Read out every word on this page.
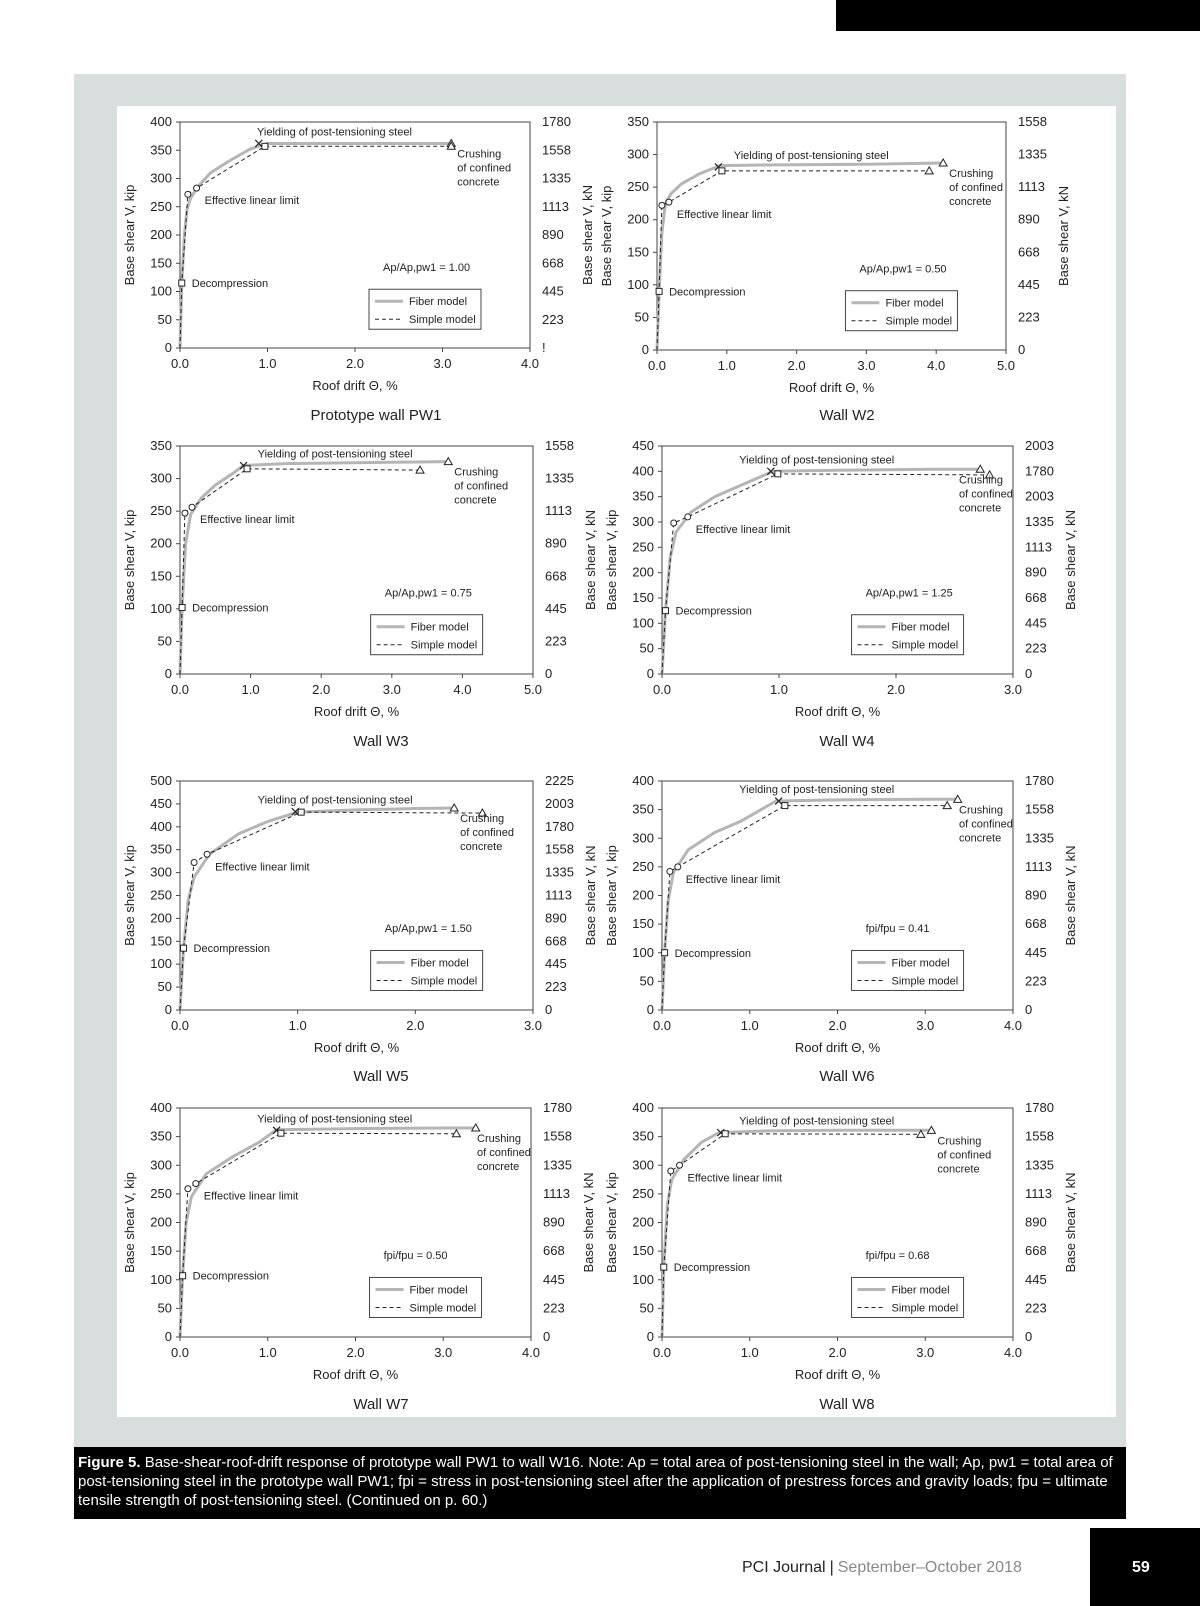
0
50
100
150
200
250
300
350
400
!
223
445
668
890
1113
1335
1558
1780
0.0	1.0	2.0	3.0	4.0
Roof drift Θ, %
Base shear V, kip	Base shear V, kN
Yielding of post-tensioning steel
Crushing
of confined
concrete
Effective linear limit
Decompression
Ap/Ap,pw1 = 1.00
Fiber model
Simple model
0
50
100
150
200
250
300
350
0
223
445
668
890
1113
1335
1558
0.0	1.0	2.0	3.0	4.0	5.0
Roof drift Θ, %
Base shear V, kip	Base shear V, kN
Yielding of post-tensioning steel
Crushing
of confined
concrete
Effective linear limit
Decompression
Ap/Ap,pw1 = 0.50
Fiber model
Simple model
0
50
100
150
200
250
300
350
0
223
445
668
890
1113
1335
1558
0.0	1.0	2.0	3.0	4.0	5.0
Roof drift Θ, %
Base shear V, kip	Base shear V, kN
Yielding of post-tensioning steel
Crushing
of confined
concrete
Effective linear limit
Decompression
Ap/Ap,pw1 = 0.75
Fiber model
Simple model
0
50
100
150
200
250
300
350
400
450
0
223
445
668
890
1113
1335
2003
1780
2003
0.0	1.0	2.0	3.0
Roof drift Θ, %
Base shear V, kip	Base shear V, kN
Yielding of post-tensioning steel
Crushing
of confined
concrete
Effective linear limit
Decompression
Ap/Ap,pw1 = 1.25
Fiber model
Simple model
0
50
100
150
200
250
300
350
400
450
500
0
223
445
668
890
1113
1335
1558
1780
2003
2225
0.0	1.0	2.0	3.0
Roof drift Θ, %
Base shear V, kip	Base shear V, kN
Yielding of post-tensioning steel
Crushing
of confined
concrete
Effective linear limit
Decompression
Ap/Ap,pw1 = 1.50
Fiber model
Simple model
0
50
100
150
200
250
300
350
400
0
223
445
668
890
1113
1335
1558
1780
0.0	1.0	2.0	3.0	4.0
Roof drift Θ, %
Base shear V, kip	Base shear V, kN
Yielding of post-tensioning steel
Crushing
of confined
concrete
Effective linear limit
Decompression
fpi/fpu = 0.41
Fiber model
Simple model
0
50
100
150
200
250
300
350
400
0
223
445
668
890
1113
1335
1558
1780
0.0	1.0	2.0	3.0	4.0
Roof drift Θ, %
Base shear V, kip	Base shear V, kN
Yielding of post-tensioning steel
Crushing
of confined
concrete
Effective linear limit
Decompression
fpi/fpu = 0.50
Fiber model
Simple model
0
50
100
150
200
250
300
350
400
0
223
445
668
890
1113
1335
1558
1780
0.0	1.0	2.0	3.0	4.0
Roof drift Θ, %
Base shear V, kip	Base shear V, kN
Yielding of post-tensioning steel
Crushing
of confined
concrete
Effective linear limit
Decompression
fpi/fpu = 0.68
Fiber model
Simple model
Prototype wall PW1	Wall W2
Wall W3	Wall W4
Wall W5	Wall W6
Wall W7	Wall W8
Figure 5. Base-shear-roof-drift response of prototype wall PW1 to wall W16. Note: Ap = total area of post-tensioning steel in the wall; Ap, pw1 = total area of post-tensioning steel in the prototype wall PW1; fpi = stress in post-tensioning steel after the application of prestress forces and gravity loads; fpu = ultimate tensile strength of post-tensioning steel. (Continued on p. 60.)
PCI Journal | September–October 2018	59
